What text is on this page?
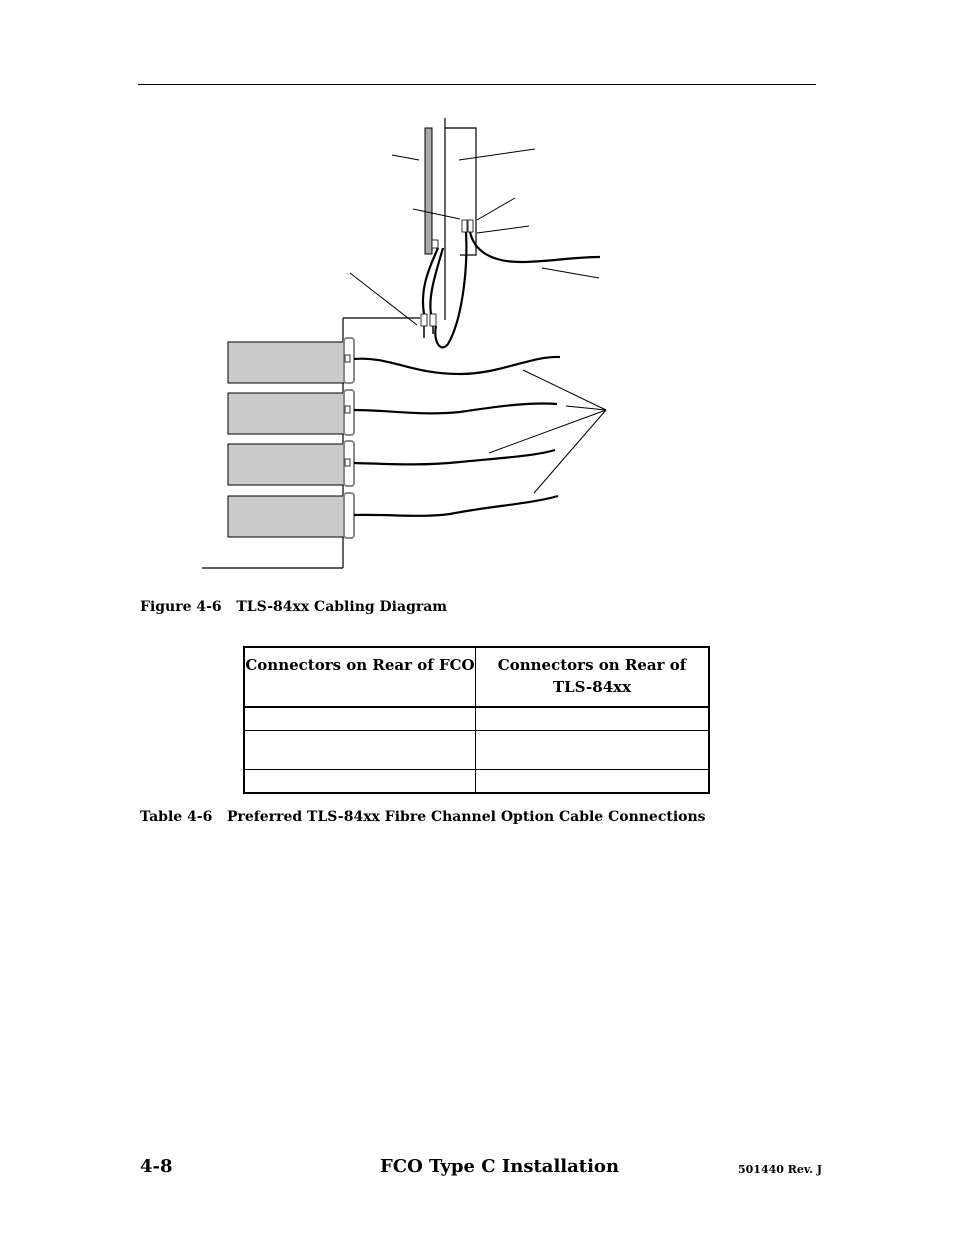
Figure 4-6 TLS-84xx Cabling Diagram
Connectors on Rear of FCO	Connectors on Rear of TLS-84xx

Table 4-6 Preferred TLS-84xx Fibre Channel Option Cable Connections
4-8	FCO Type C Installation	501440 Rev. J
